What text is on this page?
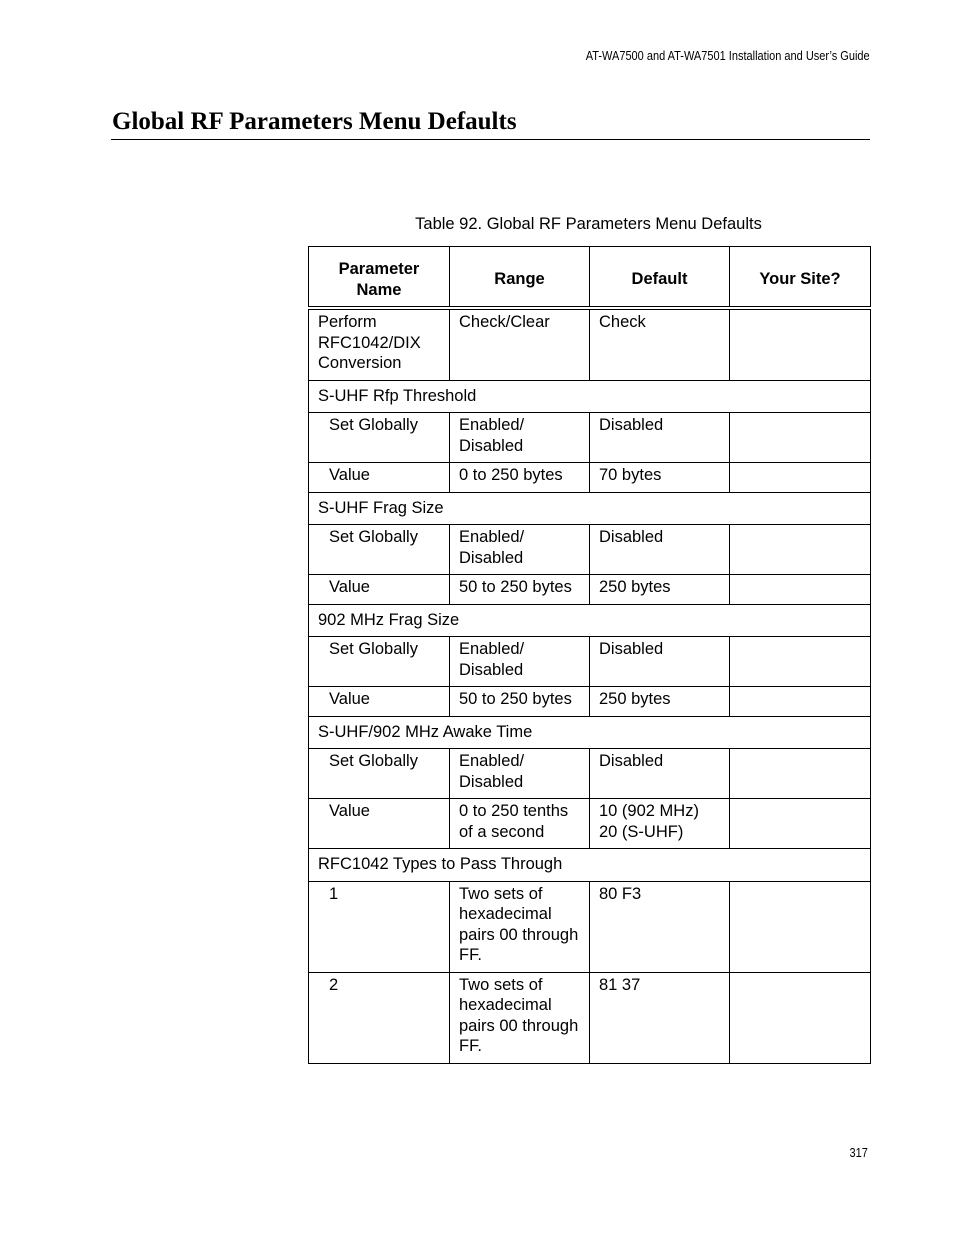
AT-WA7500 and AT-WA7501 Installation and User’s Guide
Global RF Parameters Menu Defaults
Table 92. Global RF Parameters Menu Defaults
Parameter Name	Range	Default	Your Site?
Perform RFC1042/DIX Conversion	Check/Clear	Check	
S-UHF Rfp Threshold			
Set Globally	Enabled/ Disabled	Disabled	
Value	0 to 250 bytes	70 bytes	
S-UHF Frag Size			
Set Globally	Enabled/ Disabled	Disabled	
Value	50 to 250 bytes	250 bytes	
902 MHz Frag Size			
Set Globally	Enabled/ Disabled	Disabled	
Value	50 to 250 bytes	250 bytes	
S-UHF/902 MHz Awake Time			
Set Globally	Enabled/ Disabled	Disabled	
Value	0 to 250 tenths of a second	10 (902 MHz) 20 (S-UHF)	
RFC1042 Types to Pass Through			
1	Two sets of hexadecimal pairs 00 through FF.	80 F3	
2	Two sets of hexadecimal pairs 00 through FF.	81 37	
317
